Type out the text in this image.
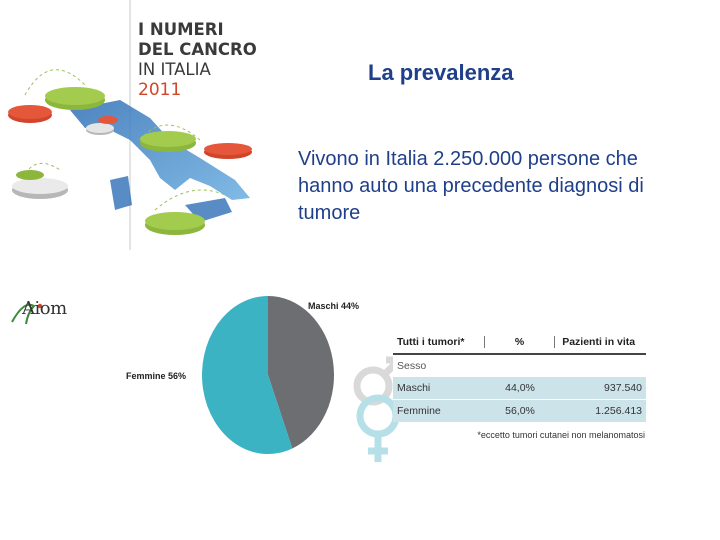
I NUMERI
DEL CANCRO
IN ITALIA
2011
La prevalenza
Vivono in Italia 2.250.000 persone che hanno auto una precedente diagnosi di tumore
Aiom	Maschi 44%
Femmine 56%
Tutti i tumori*	%	Pazienti in vita
Sesso
Maschi	44,0%	937.540
Femmine	56,0%	1.256.413
*eccetto tumori cutanei non melanomatosi
